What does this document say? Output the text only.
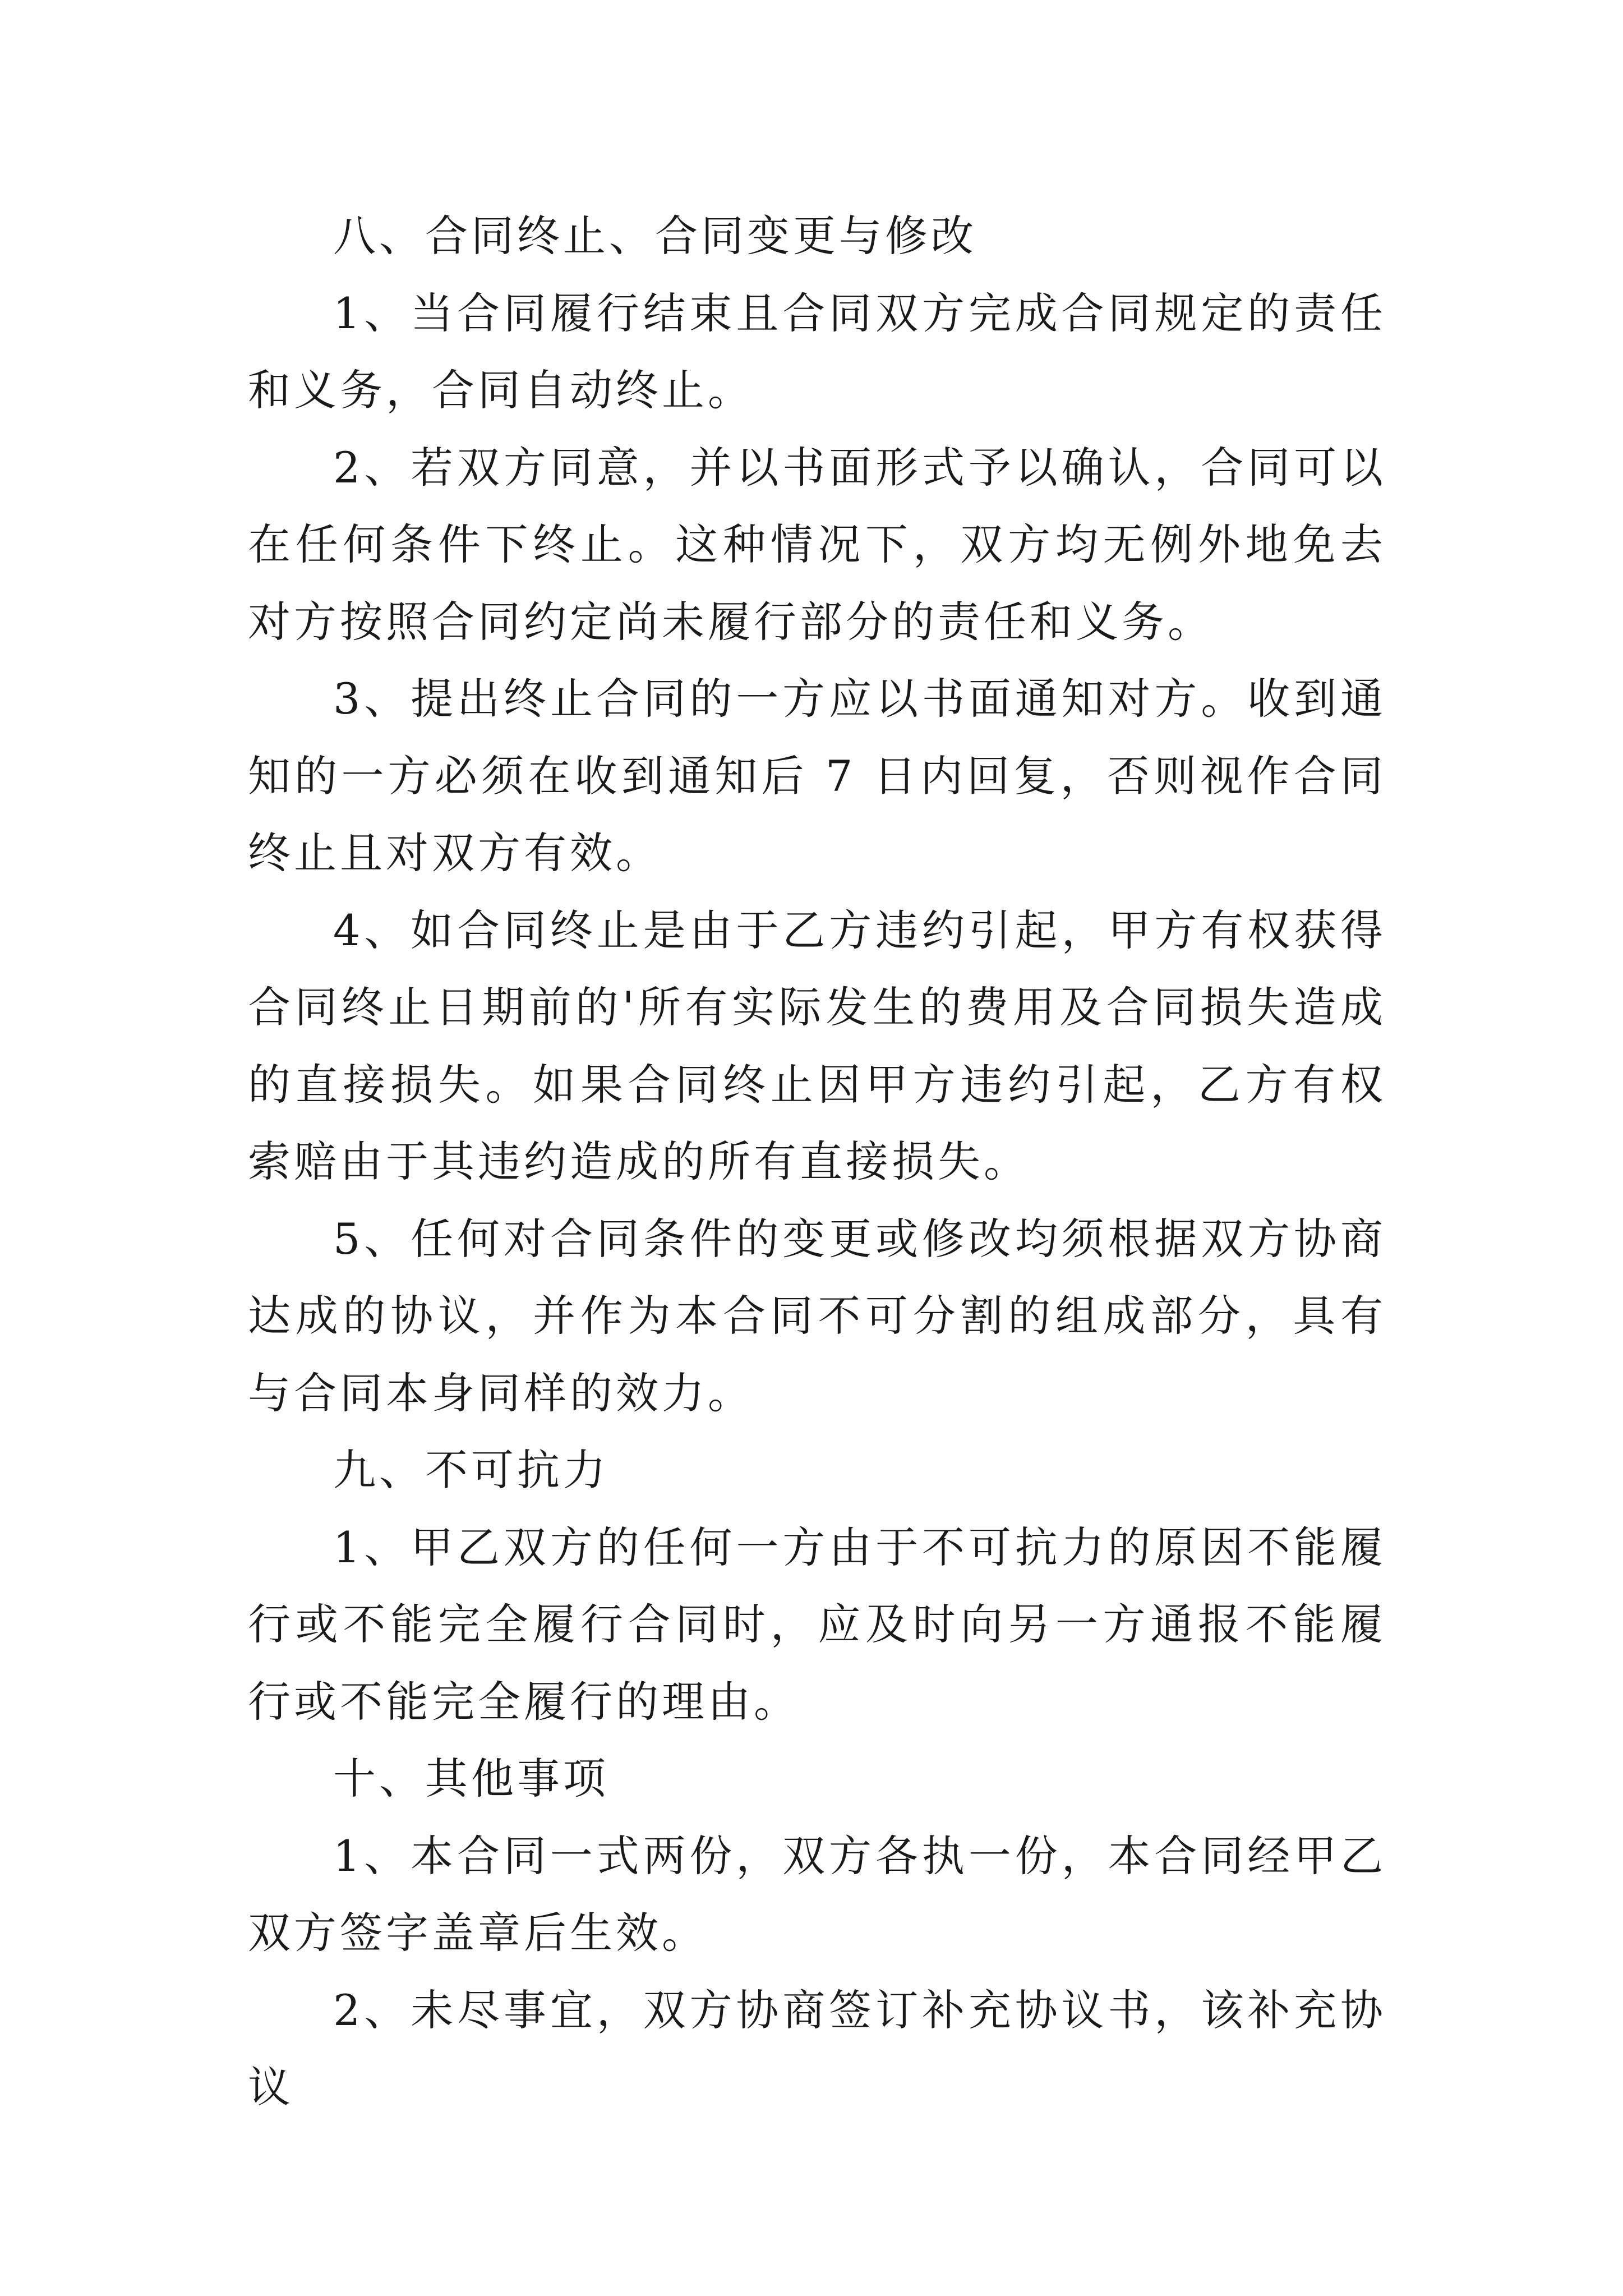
八、合同终止、合同变更与修改

1、当合同履行结束且合同双方完成合同规定的责任和义务，合同自动终止。

2、若双方同意，并以书面形式予以确认，合同可以在任何条件下终止。这种情况下，双方均无例外地免去对方按照合同约定尚未履行部分的责任和义务。

3、提出终止合同的一方应以书面通知对方。收到通知的一方必须在收到通知后 7 日内回复，否则视作合同终止且对双方有效。

4、如合同终止是由于乙方违约引起，甲方有权获得合同终止日期前的'所有实际发生的费用及合同损失造成的直接损失。如果合同终止因甲方违约引起，乙方有权索赔由于其违约造成的所有直接损失。

5、任何对合同条件的变更或修改均须根据双方协商达成的协议，并作为本合同不可分割的组成部分，具有与合同本身同样的效力。

九、不可抗力

1、甲乙双方的任何一方由于不可抗力的原因不能履行或不能完全履行合同时，应及时向另一方通报不能履行或不能完全履行的理由。

十、其他事项

1、本合同一式两份，双方各执一份，本合同经甲乙双方签字盖章后生效。

2、未尽事宜，双方协商签订补充协议书，该补充协议
